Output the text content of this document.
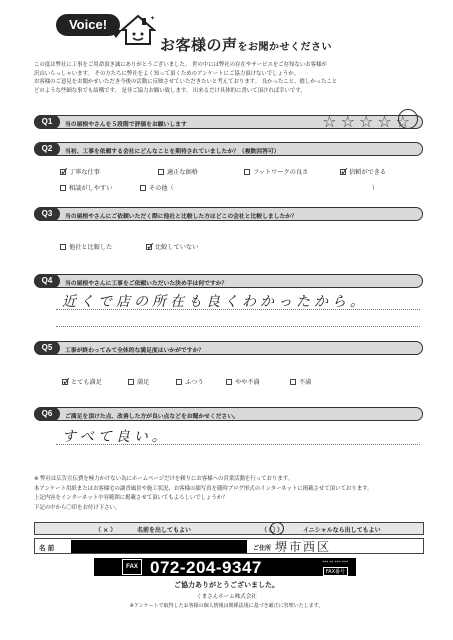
Voice!	✦
お客様の声をお聞かせください
この度は弊社に工事をご用命頂き誠にありがとうございました。 世の中には弊社の存在やサービスをご存知ないお客様が
沢山いらっしゃいます。 その方たちに弊社をよく知って頂くためのアンケートにご協力頂けないでしょうか。
お客様のご意見をお聞かせいただき今後の活動に反映させていただきたいと考えております。 良かったこと、嬉しかったこと
どのような些細な事でも結構です。 是非ご協力お願い致します。 出来るだけ具体的に書いて頂ければ幸いです。
Q1	当の屋根やさんを５段階で評価をお願いします	☆☆☆☆☆
Q2	当初、工事を依頼する会社にどんなことを期待されていましたか？（複数回答可）
✓ 丁寧な仕事	適正な価格	フットワークの良さ	✓ 信頼ができる
相談がしやすい	その他（	）
Q3	当の屋根やさんにご依頼いただく際に他社と比較した方はどこの会社と比較しましたか？
他社と比較した	✓ 比較していない
Q4	当の屋根やさんに工事をご依頼いただいた決め手は何ですか？
近くで店の所在も良くわかったから。
Q5	工事が終わってみて全体的な満足度はいかがですか？
✓ とても満足	満足	ふつう	やや不満	不満
Q6	ご満足を頂けた点、改善した方が良い点などをお聞かせください。
すべて良い。
※ 弊社は広告宣伝費を極力かけない為にホームページだけを頼りにお客様への営業活動を行っております。
本アンケート用紙またはお客様宅の調査風景や施工状況、お客様の顔写真を随時ブログ形式のインターネットに掲載させて頂いております。
上記内容をインターネット中容範囲に掲載させて頂いてもよろしいでしょうか？
下記の中から〇印をお付け下さい。
（ × ）	名前を出してもよい	（ 〇 ）	イニシャルなら出してもよい
名 前	ご住所 堺市西区
FAX 072-204-9347	*** ** *** ***
FAX番号
ご協力ありがとうございました。
くまさんホーム株式会社
※アンケートで取得したお客様の個人情報は関係法規に基づき厳正に管理いたします。
